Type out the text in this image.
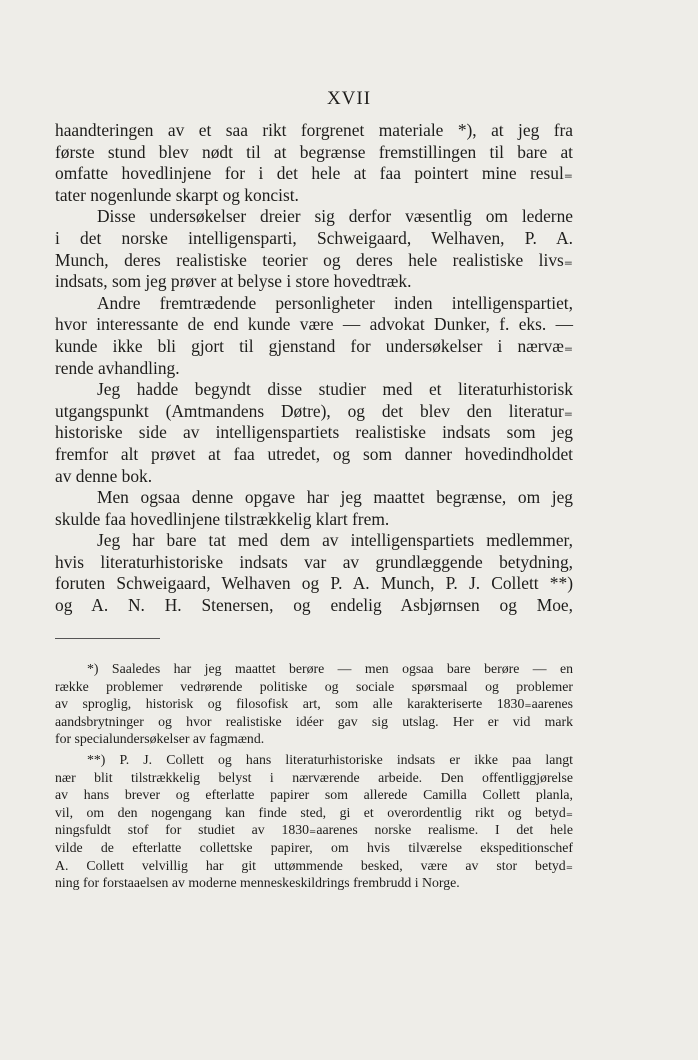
XVII
haandteringen av et saa rikt forgrenet materiale *), at jeg fra
første stund blev nødt til at begrænse fremstillingen til bare at
omfatte hovedlinjene for i det hele at faa pointert mine resul₌
tater nogenlunde skarpt og koncist.
Disse undersøkelser dreier sig derfor væsentlig om lederne
i det norske intelligensparti, Schweigaard, Welhaven, P. A.
Munch, deres realistiske teorier og deres hele realistiske livs₌
indsats, som jeg prøver at belyse i store hovedtræk.
Andre fremtrædende personligheter inden intelligenspartiet,
hvor interessante de end kunde være — advokat Dunker, f. eks. —
kunde ikke bli gjort til gjenstand for undersøkelser i nærvæ₌
rende avhandling.
Jeg hadde begyndt disse studier med et literaturhistorisk
utgangspunkt (Amtmandens Døtre), og det blev den literatur₌
historiske side av intelligenspartiets realistiske indsats som jeg
fremfor alt prøvet at faa utredet, og som danner hovedindholdet
av denne bok.
Men ogsaa denne opgave har jeg maattet begrænse, om jeg
skulde faa hovedlinjene tilstrækkelig klart frem.
Jeg har bare tat med dem av intelligenspartiets medlemmer,
hvis literaturhistoriske indsats var av grundlæggende betydning,
foruten Schweigaard, Welhaven og P. A. Munch, P. J. Collett **)
og A. N. H. Stenersen, og endelig Asbjørnsen og Moe,
*) Saaledes har jeg maattet berøre — men ogsaa bare berøre — en
række problemer vedrørende politiske og sociale spørsmaal og problemer
av sproglig, historisk og filosofisk art, som alle karakteriserte 1830₌aarenes
aandsbrytninger og hvor realistiske idéer gav sig utslag. Her er vid mark
for specialundersøkelser av fagmænd.
**) P. J. Collett og hans literaturhistoriske indsats er ikke paa langt
nær blit tilstrækkelig belyst i nærværende arbeide. Den offentliggjørelse
av hans brever og efterlatte papirer som allerede Camilla Collett planla,
vil, om den nogengang kan finde sted, gi et overordentlig rikt og betyd₌
ningsfuldt stof for studiet av 1830₌aarenes norske realisme. I det hele
vilde de efterlatte collettske papirer, om hvis tilværelse ekspeditionschef
A. Collett velvillig har git uttømmende besked, være av stor betyd₌
ning for forstaaelsen av moderne menneskeskildrings frembrudd i Norge.
